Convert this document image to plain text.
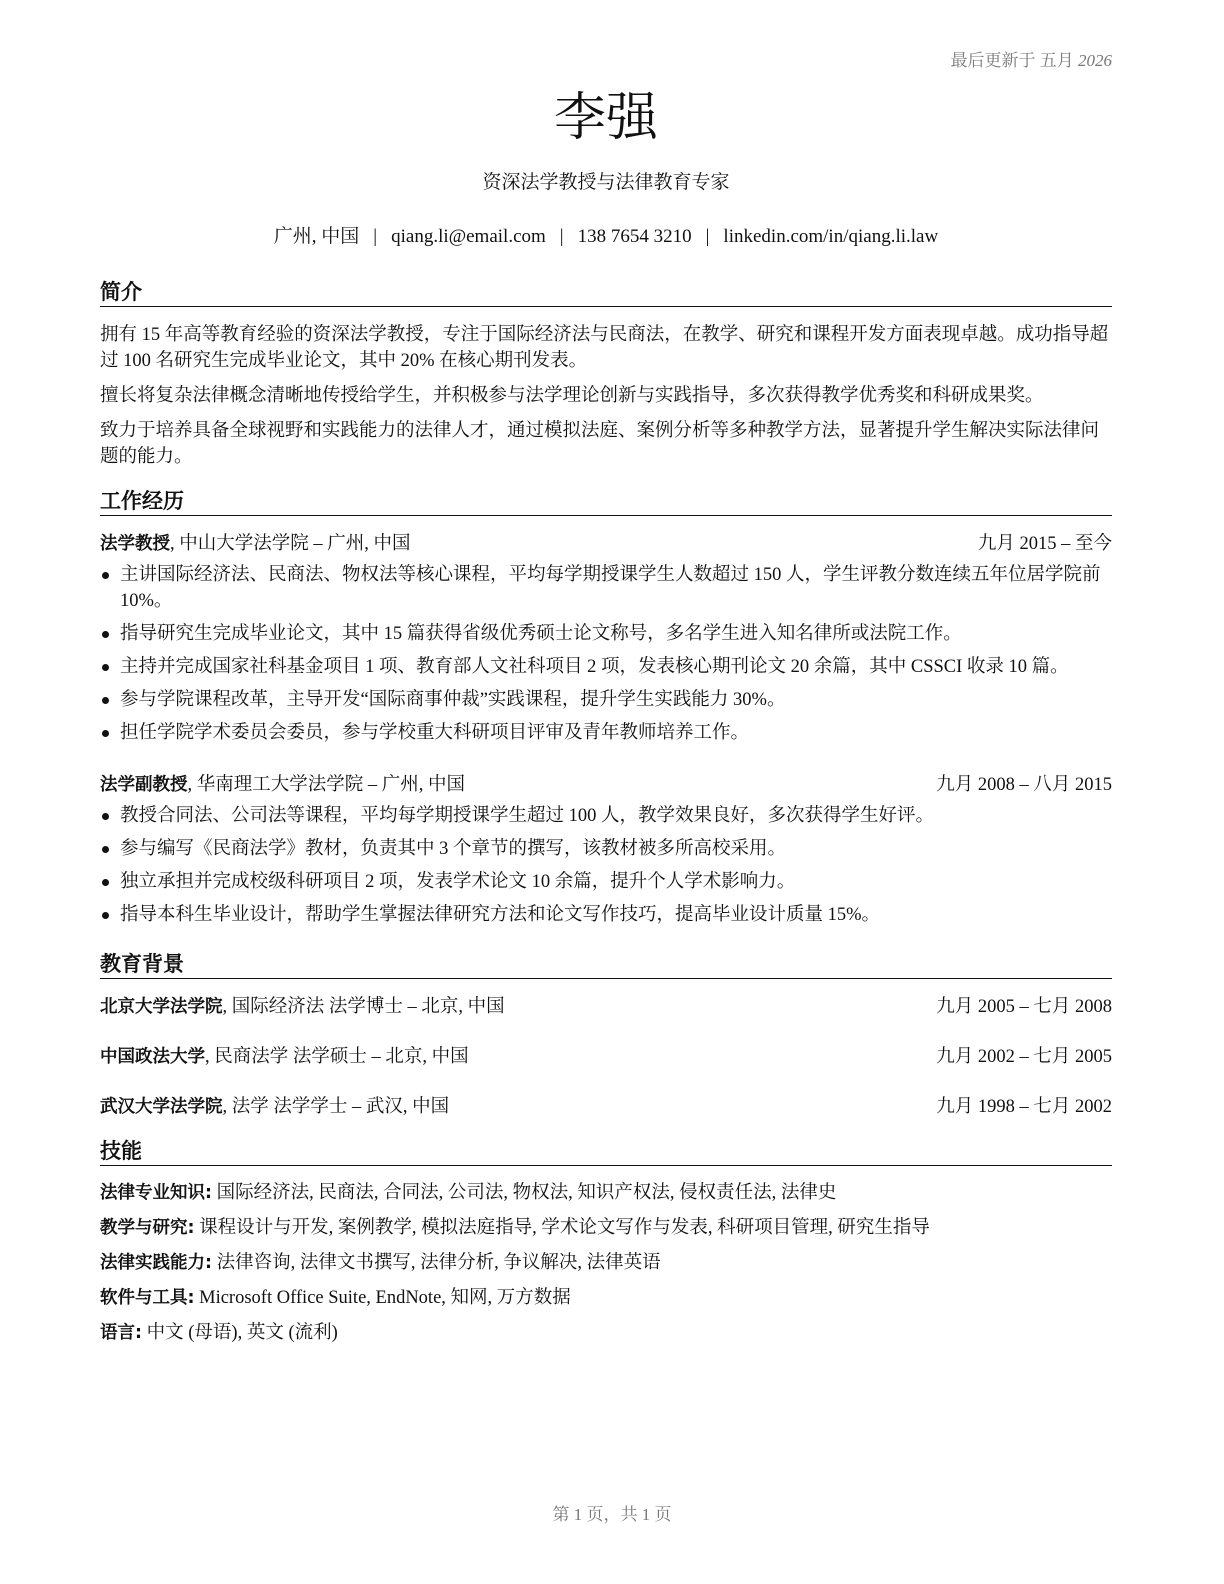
最后更新于 五月 2026
李强
资深法学教授与法律教育专家
广州, 中国 | qiang.li@email.com | 138 7654 3210 | linkedin.com/in/qiang.li.law
简介

拥有 15 年高等教育经验的资深法学教授，专注于国际经济法与民商法，在教学、研究和课程开发方面表现卓越。成功指导超过 100 名研究生完成毕业论文，其中 20% 在核心期刊发表。

擅长将复杂法律概念清晰地传授给学生，并积极参与法学理论创新与实践指导，多次获得教学优秀奖和科研成果奖。

致力于培养具备全球视野和实践能力的法律人才，通过模拟法庭、案例分析等多种教学方法，显著提升学生解决实际法律问题的能力。

工作经历
法学教授, 中山大学法学院 – 广州, 中国	九月 2015 – 至今
主讲国际经济法、民商法、物权法等核心课程，平均每学期授课学生人数超过 150 人，学生评教分数连续五年位居学院前 10%。
指导研究生完成毕业论文，其中 15 篇获得省级优秀硕士论文称号，多名学生进入知名律所或法院工作。
主持并完成国家社科基金项目 1 项、教育部人文社科项目 2 项，发表核心期刊论文 20 余篇，其中 CSSCI 收录 10 篇。
参与学院课程改革，主导开发“国际商事仲裁”实践课程，提升学生实践能力 30%。
担任学院学术委员会委员，参与学校重大科研项目评审及青年教师培养工作。
法学副教授, 华南理工大学法学院 – 广州, 中国	九月 2008 – 八月 2015
教授合同法、公司法等课程，平均每学期授课学生超过 100 人，教学效果良好，多次获得学生好评。
参与编写《民商法学》教材，负责其中 3 个章节的撰写，该教材被多所高校采用。
独立承担并完成校级科研项目 2 项，发表学术论文 10 余篇，提升个人学术影响力。
指导本科生毕业设计，帮助学生掌握法律研究方法和论文写作技巧，提高毕业设计质量 15%。
教育背景
北京大学法学院, 国际经济法 法学博士 – 北京, 中国	九月 2005 – 七月 2008
中国政法大学, 民商法学 法学硕士 – 北京, 中国	九月 2002 – 七月 2005
武汉大学法学院, 法学 法学学士 – 武汉, 中国	九月 1998 – 七月 2002
技能
法律专业知识: 国际经济法, 民商法, 合同法, 公司法, 物权法, 知识产权法, 侵权责任法, 法律史
教学与研究: 课程设计与开发, 案例教学, 模拟法庭指导, 学术论文写作与发表, 科研项目管理, 研究生指导
法律实践能力: 法律咨询, 法律文书撰写, 法律分析, 争议解决, 法律英语
软件与工具: Microsoft Office Suite, EndNote, 知网, 万方数据
语言: 中文 (母语), 英文 (流利)
第 1 页，共 1 页
